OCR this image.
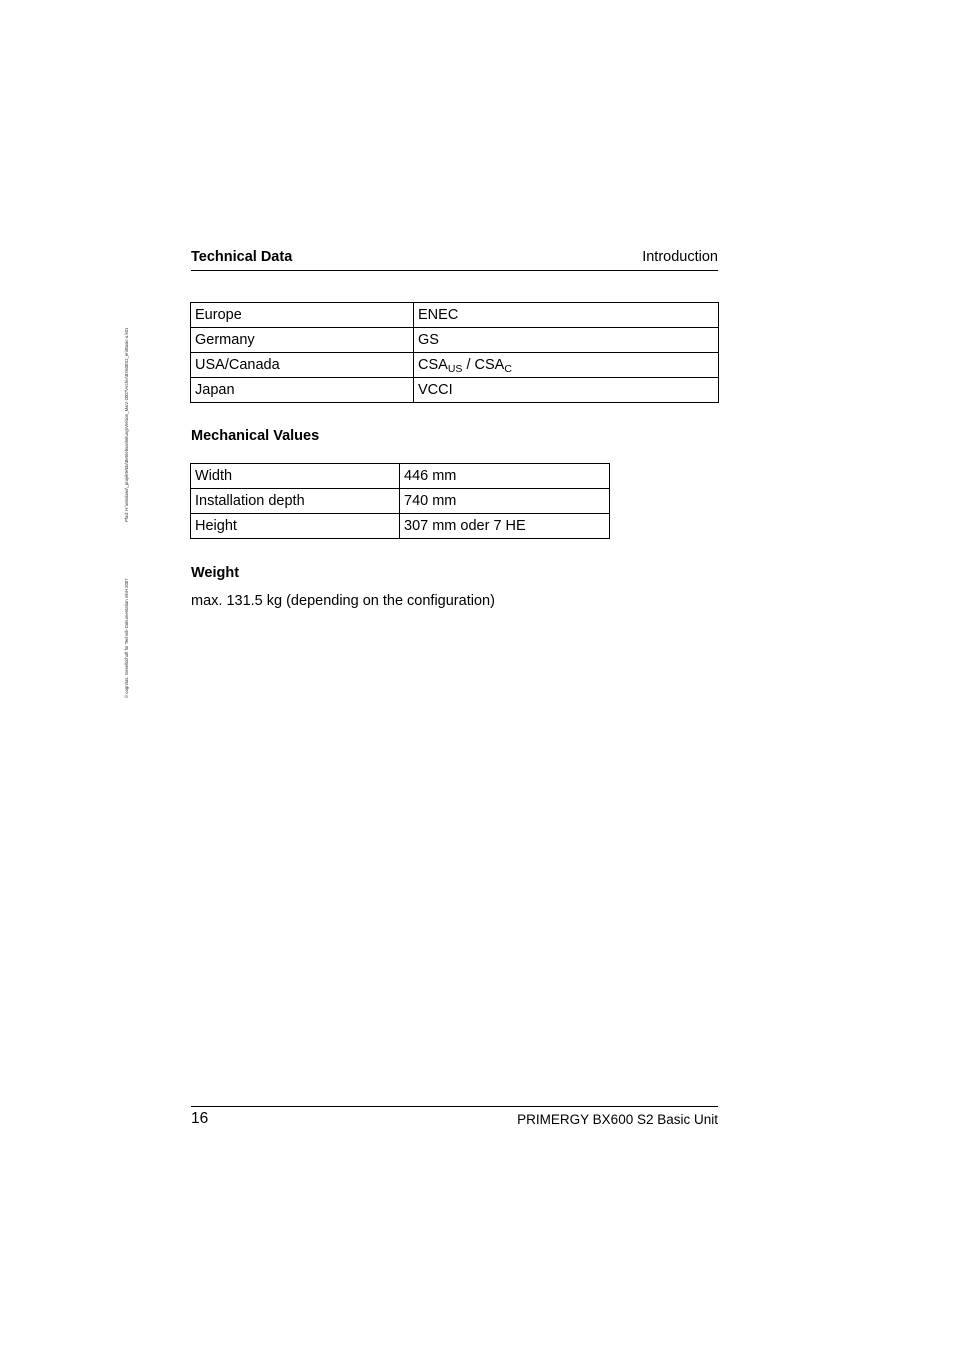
© cognitas. Gesellschaft für Technik-Dokumentation mbH 2007
Pfad: H:\windows\_projekte\Bx\Betriebsanleitung\Version_Marz-2007\Archiv\BX600S2_en\Basic-u.k01
Technical Data	Introduction
Europe	ENEC
Germany	GS
USA/Canada	$CSA_{US} / CSA_C$
Japan	VCCI
Mechanical Values
Width	446 mm
Installation depth	740 mm
Height	307 mm oder 7 HE
Weight
max. 131.5 kg (depending on the configuration)
16	PRIMERGY BX600 S2 Basic Unit
